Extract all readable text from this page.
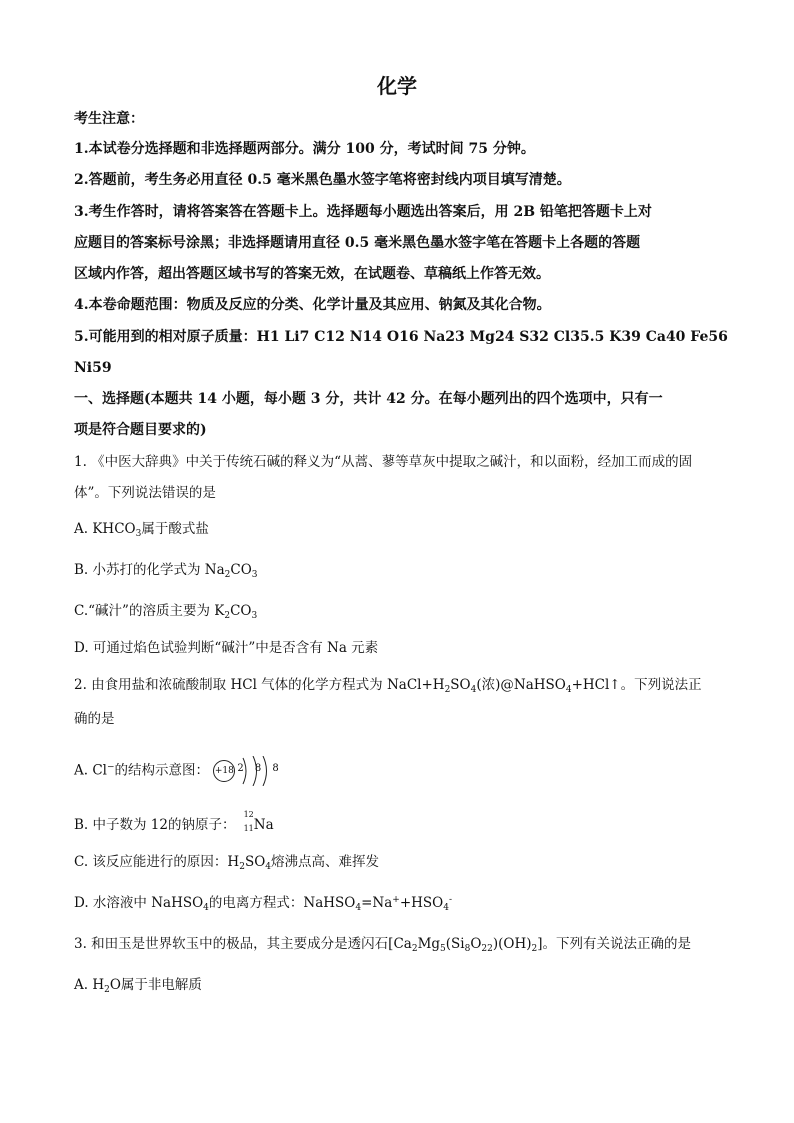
化学
考生注意：
1.本试卷分选择题和非选择题两部分。满分 100 分，考试时间 75 分钟。
2.答题前，考生务必用直径 0.5 毫米黑色墨水签字笔将密封线内项目填写清楚。
3.考生作答时，请将答案答在答题卡上。选择题每小题选出答案后，用 2B 铅笔把答题卡上对
应题目的答案标号涂黑；非选择题请用直径 0.5 毫米黑色墨水签字笔在答题卡上各题的答题
区域内作答，超出答题区域书写的答案无效，在试题卷、草稿纸上作答无效。
4.本卷命题范围：物质及反应的分类、化学计量及其应用、钠氮及其化合物。
5.可能用到的相对原子质量：H1 Li7 C12 N14 O16 Na23 Mg24 S32 Cl35.5 K39 Ca40 Fe56
Ni59
一、选择题(本题共 14 小题，每小题 3 分，共计 42 分。在每小题列出的四个选项中，只有一
项是符合题目要求的)
1. 《中医大辞典》中关于传统石碱的释义为“从蒿、蓼等草灰中提取之碱汁，和以面粉，经加工而成的固
体”。下列说法错误的是
A. $KHCO_3$属于酸式盐
B. 小苏打的化学式为 $Na_2CO_3$
C.“碱汁”的溶质主要为 $K_2CO_3$
D. 可通过焰色试验判断“碱汁”中是否含有 Na 元素
2. 由食用盐和浓硫酸制取 HCl 气体的化学方程式为 $NaCl+H_2SO_4$(浓)@NaHSO$_4$+HCl↑。下列说法正
确的是
A. Cl−的结构示意图： +18 2 8 8
B. 中子数为 12的钠原子：
12
11 Na
C. 该反应能进行的原因：$H_2SO_4$熔沸点高、难挥发
D. 水溶液中 NaHSO$_4$的电离方程式：$NaHSO_4=Na^++HSO_4^-$
3. 和田玉是世界软玉中的极品，其主要成分是透闪石$[Ca_2Mg_5(Si_8O_{22})(OH)_2]$。下列有关说法正确的是
A. $H_2O$属于非电解质
